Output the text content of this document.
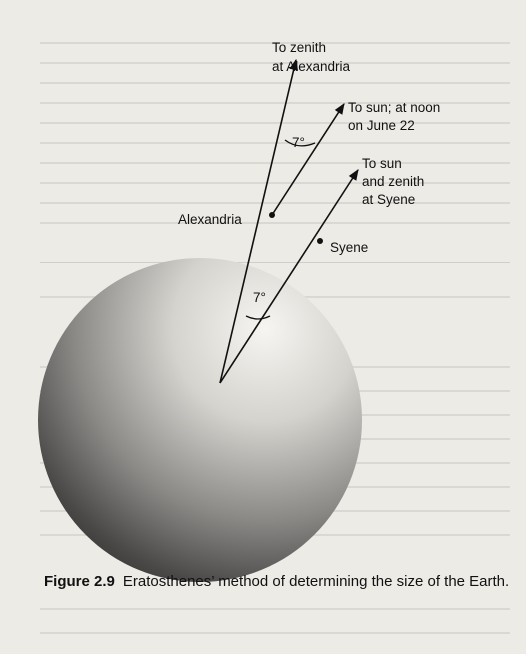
To zenith
at Alexandria
To sun; at noon
on June 22
To sun
and zenith
at Syene
Alexandria
Syene
7°
7°
Figure 2.9 Eratosthenes’ method of determining the size of the Earth.
